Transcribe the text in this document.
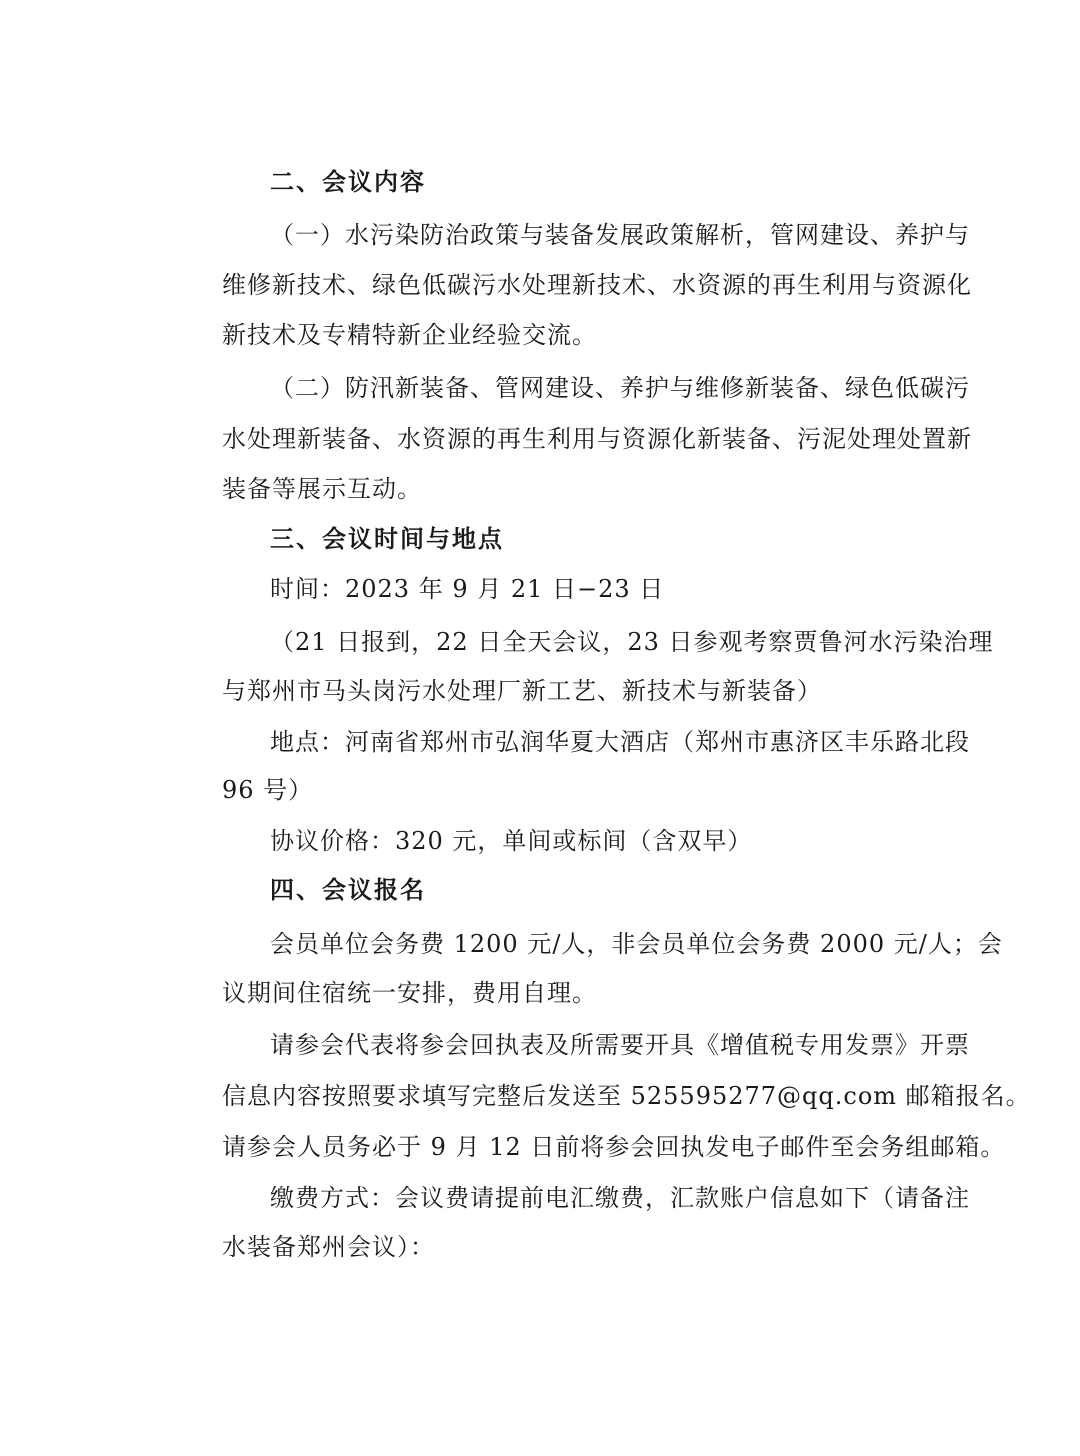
二、会议内容
（一）水污染防治政策与装备发展政策解析，管网建设、养护与
维修新技术、绿色低碳污水处理新技术、水资源的再生利用与资源化
新技术及专精特新企业经验交流。
（二）防汛新装备、管网建设、养护与维修新装备、绿色低碳污
水处理新装备、水资源的再生利用与资源化新装备、污泥处理处置新
装备等展示互动。
三、会议时间与地点
时间：2023 年 9 月 21 日−23 日
（21 日报到，22 日全天会议，23 日参观考察贾鲁河水污染治理
与郑州市马头岗污水处理厂新工艺、新技术与新装备）
地点：河南省郑州市弘润华夏大酒店（郑州市惠济区丰乐路北段
96 号）
协议价格：320 元，单间或标间（含双早）
四、会议报名
会员单位会务费 1200 元/人，非会员单位会务费 2000 元/人；会
议期间住宿统一安排，费用自理。
请参会代表将参会回执表及所需要开具《增值税专用发票》开票
信息内容按照要求填写完整后发送至 525595277@qq.com 邮箱报名。
请参会人员务必于 9 月 12 日前将参会回执发电子邮件至会务组邮箱。
缴费方式：会议费请提前电汇缴费，汇款账户信息如下（请备注
水装备郑州会议）：
